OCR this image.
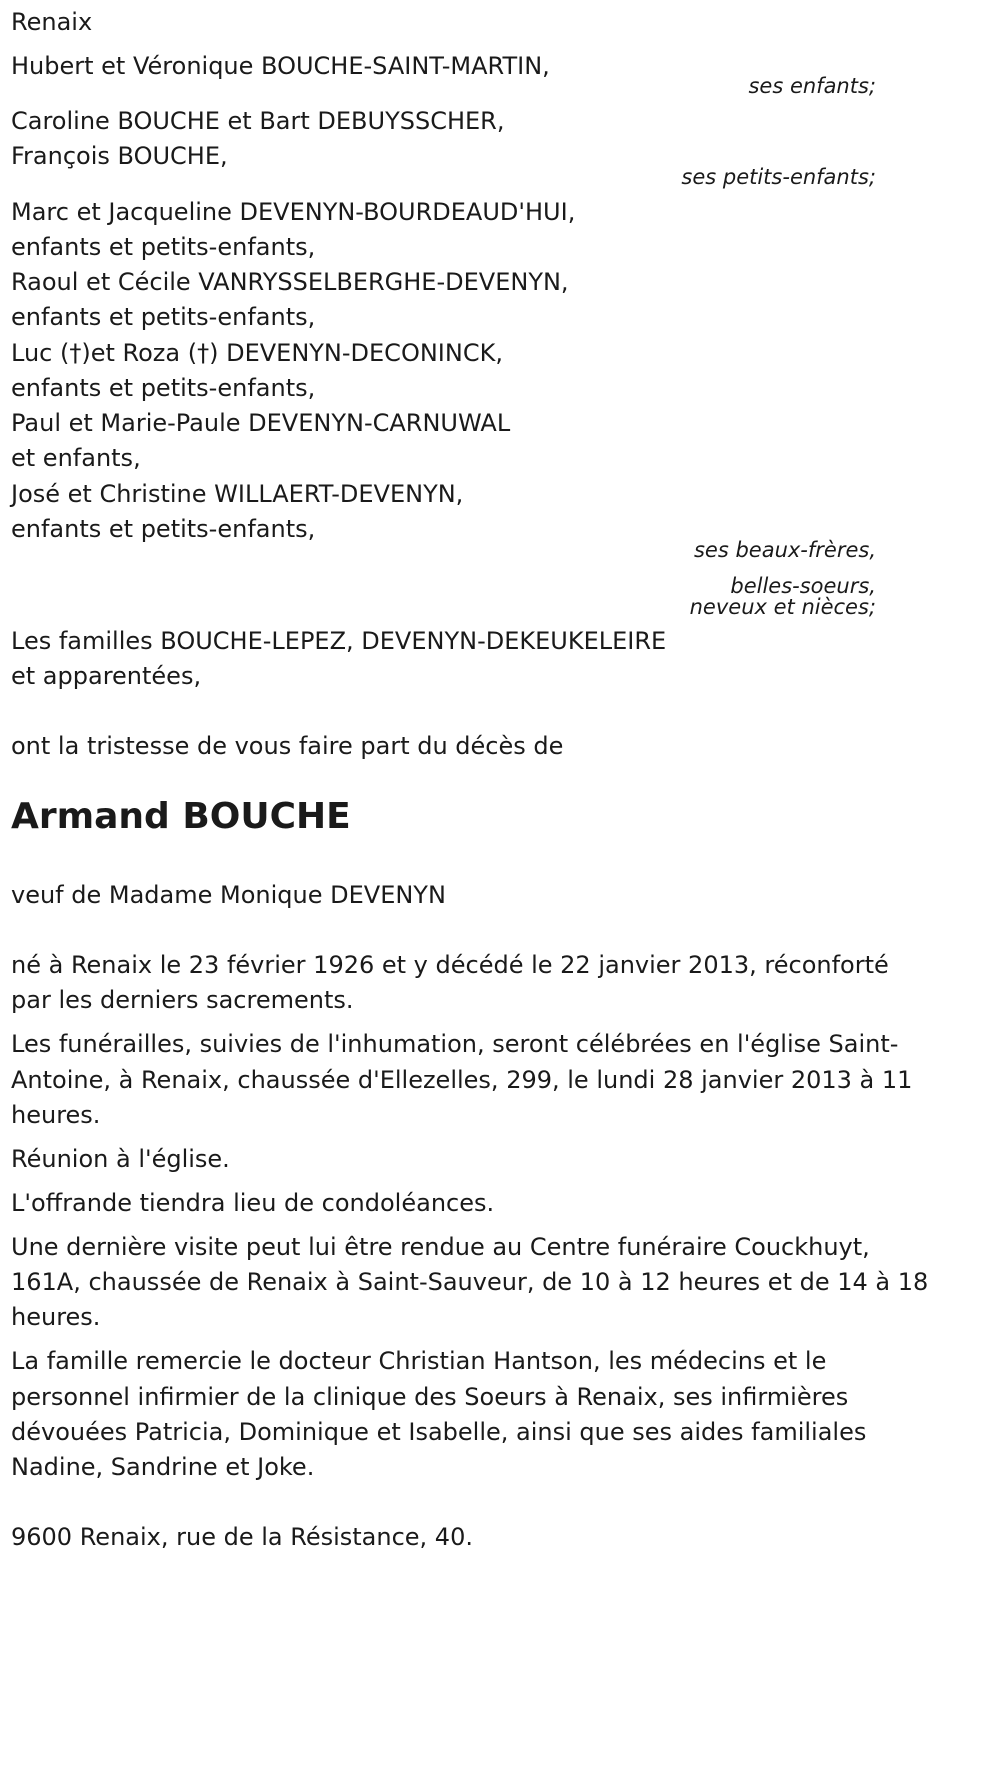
Renaix
Hubert et Véronique BOUCHE-SAINT-MARTIN,
ses enfants;
Caroline BOUCHE et Bart DEBUYSSCHER,
François BOUCHE,
ses petits-enfants;
Marc et Jacqueline DEVENYN-BOURDEAUD'HUI,
enfants et petits-enfants,
Raoul et Cécile VANRYSSELBERGHE-DEVENYN,
enfants et petits-enfants,
Luc (†)et Roza (†) DEVENYN-DECONINCK,
enfants et petits-enfants,
Paul et Marie-Paule DEVENYN-CARNUWAL
et enfants,
José et Christine WILLAERT-DEVENYN,
enfants et petits-enfants,
ses beaux-frères,
belles-soeurs,
neveux et nièces;
Les familles BOUCHE-LEPEZ, DEVENYN-DEKEUKELEIRE
et apparentées,
ont la tristesse de vous faire part du décès de
Armand BOUCHE
veuf de Madame Monique DEVENYN
né à Renaix le 23 février 1926 et y décédé le 22 janvier 2013, réconforté
par les derniers sacrements.
Les funérailles, suivies de l'inhumation, seront célébrées en l'église Saint-
Antoine, à Renaix, chaussée d'Ellezelles, 299, le lundi 28 janvier 2013 à 11
heures.
Réunion à l'église.
L'offrande tiendra lieu de condoléances.
Une dernière visite peut lui être rendue au Centre funéraire Couckhuyt,
161A, chaussée de Renaix à Saint-Sauveur, de 10 à 12 heures et de 14 à 18
heures.
La famille remercie le docteur Christian Hantson, les médecins et le
personnel infirmier de la clinique des Soeurs à Renaix, ses infirmières
dévouées Patricia, Dominique et Isabelle, ainsi que ses aides familiales
Nadine, Sandrine et Joke.
9600 Renaix, rue de la Résistance, 40.
